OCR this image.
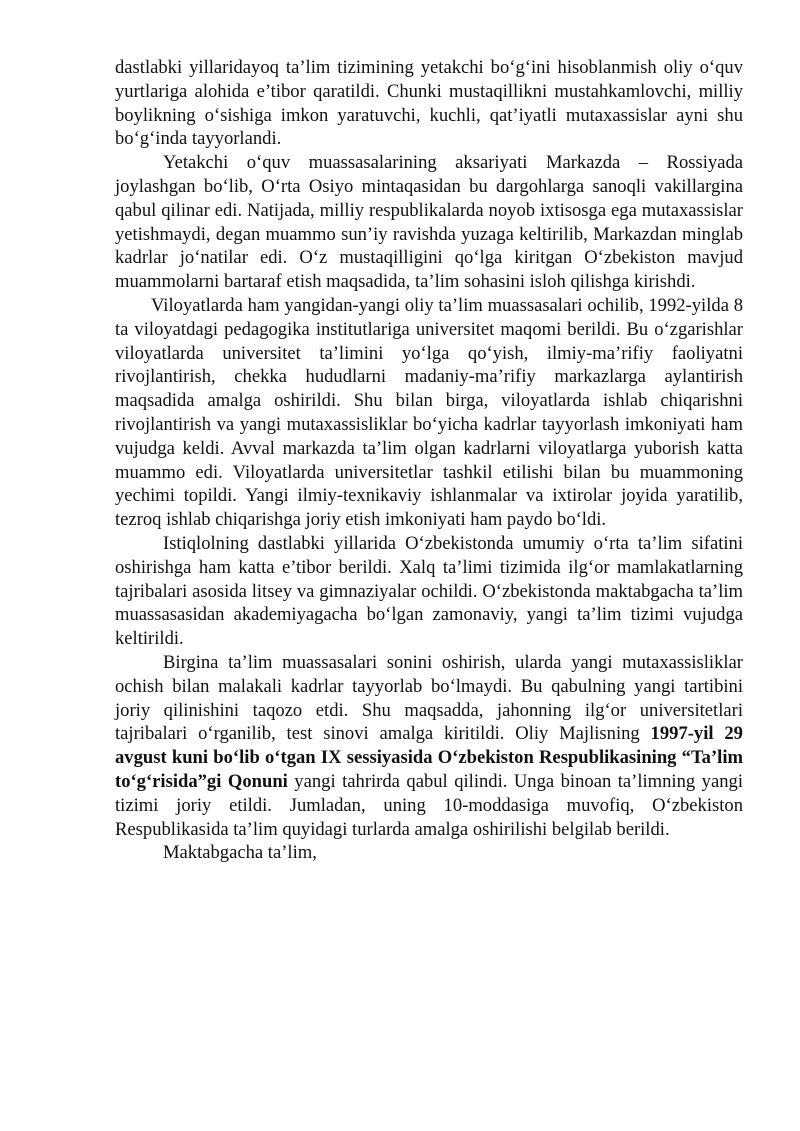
dastlabki yillaridayoq ta’lim tizimining yetakchi bo‘g‘ini hisoblanmish oliy o‘quv yurtlariga alohida e’tibor qaratildi. Chunki mustaqillikni mustahkamlovchi, milliy boylikning o‘sishiga imkon yaratuvchi, kuchli, qat’iyatli mutaxassislar ayni shu bo‘g‘inda tayyorlandi.

Yetakchi o‘quv muassasalarining aksariyati Markazda – Rossiyada joylashgan bo‘lib, O‘rta Osiyo mintaqasidan bu dargohlarga sanoqli vakillargina qabul qilinar edi. Natijada, milliy respublikalarda noyob ixtisosga ega mutaxassislar yetishmaydi, degan muammo sun’iy ravishda yuzaga keltirilib, Markazdan minglab kadrlar jo‘natilar edi. O‘z mustaqilligini qo‘lga kiritgan O‘zbekiston mavjud muammolarni bartaraf etish maqsadida, ta’lim sohasini isloh qilishga kirishdi.

Viloyatlarda ham yangidan-yangi oliy ta’lim muassasalari ochilib, 1992-yilda 8 ta viloyatdagi pedagogika institutlariga universitet maqomi berildi. Bu o‘zgarishlar viloyatlarda universitet ta’limini yo‘lga qo‘yish, ilmiy-ma’rifiy faoliyatni rivojlantirish, chekka hududlarni madaniy-ma’rifiy markazlarga aylantirish maqsadida amalga oshirildi. Shu bilan birga, viloyatlarda ishlab chiqarishni rivojlantirish va yangi mutaxassisliklar bo‘yicha kadrlar tayyorlash imkoniyati ham vujudga keldi. Avval markazda ta’lim olgan kadrlarni viloyatlarga yuborish katta muammo edi. Viloyatlarda universitetlar tashkil etilishi bilan bu muammoning yechimi topildi. Yangi ilmiy-texnikaviy ishlanmalar va ixtirolar joyida yaratilib, tezroq ishlab chiqarishga joriy etish imkoniyati ham paydo bo‘ldi.

Istiqlolning dastlabki yillarida O‘zbekistonda umumiy o‘rta ta’lim sifatini oshirishga ham katta e’tibor berildi. Xalq ta’limi tizimida ilg‘or mamlakatlarning tajribalari asosida litsey va gimnaziyalar ochildi. O‘zbekistonda maktabgacha ta’lim muassasasidan akademiyagacha bo‘lgan zamonaviy, yangi ta’lim tizimi vujudga keltirildi.

Birgina ta’lim muassasalari sonini oshirish, ularda yangi mutaxassisliklar ochish bilan malakali kadrlar tayyorlab bo‘lmaydi. Bu qabulning yangi tartibini joriy qilinishini taqozo etdi. Shu maqsadda, jahonning ilg‘or universitetlari tajribalari o‘rganilib, test sinovi amalga kiritildi. Oliy Majlisning 1997-yil 29 avgust kuni bo‘lib o‘tgan IX sessiyasida O‘zbekiston Respublikasining “Ta’lim to‘g‘risida”gi Qonuni yangi tahrirda qabul qilindi. Unga binoan ta’limning yangi tizimi joriy etildi. Jumladan, uning 10-moddasiga muvofiq, O‘zbekiston Respublikasida ta’lim quyidagi turlarda amalga oshirilishi belgilab berildi.

Maktabgacha ta’lim,
